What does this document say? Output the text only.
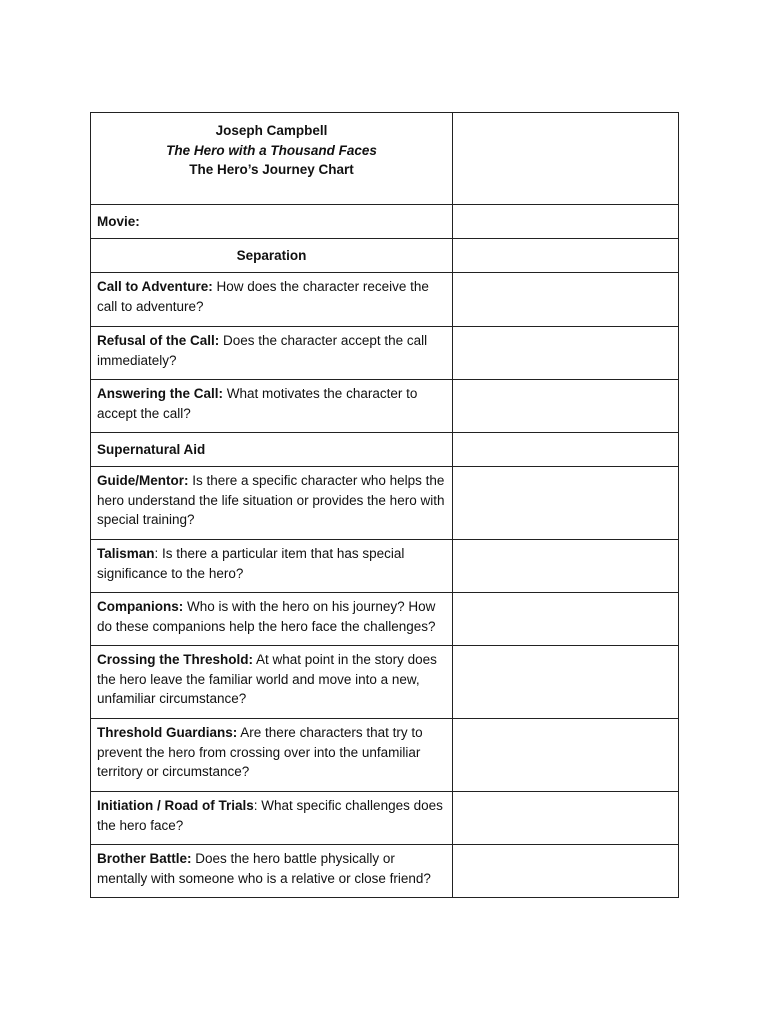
Joseph Campbell
The Hero with a Thousand Faces
The Hero’s Journey Chart	

Movie:	
Separation	
Call to Adventure: How does the character receive the call to adventure?	
Refusal of the Call: Does the character accept the call immediately?	
Answering the Call: What motivates the character to accept the call?	
Supernatural Aid	
Guide/Mentor: Is there a specific character who helps the hero understand the life situation or provides the hero with special training?	
Talisman: Is there a particular item that has special significance to the hero?	
Companions: Who is with the hero on his journey? How do these companions help the hero face the challenges?	
Crossing the Threshold: At what point in the story does the hero leave the familiar world and move into a new, unfamiliar circumstance?	
Threshold Guardians: Are there characters that try to prevent the hero from crossing over into the unfamiliar territory or circumstance?	
Initiation / Road of Trials: What specific challenges does the hero face?	
Brother Battle: Does the hero battle physically or mentally with someone who is a relative or close friend?	
